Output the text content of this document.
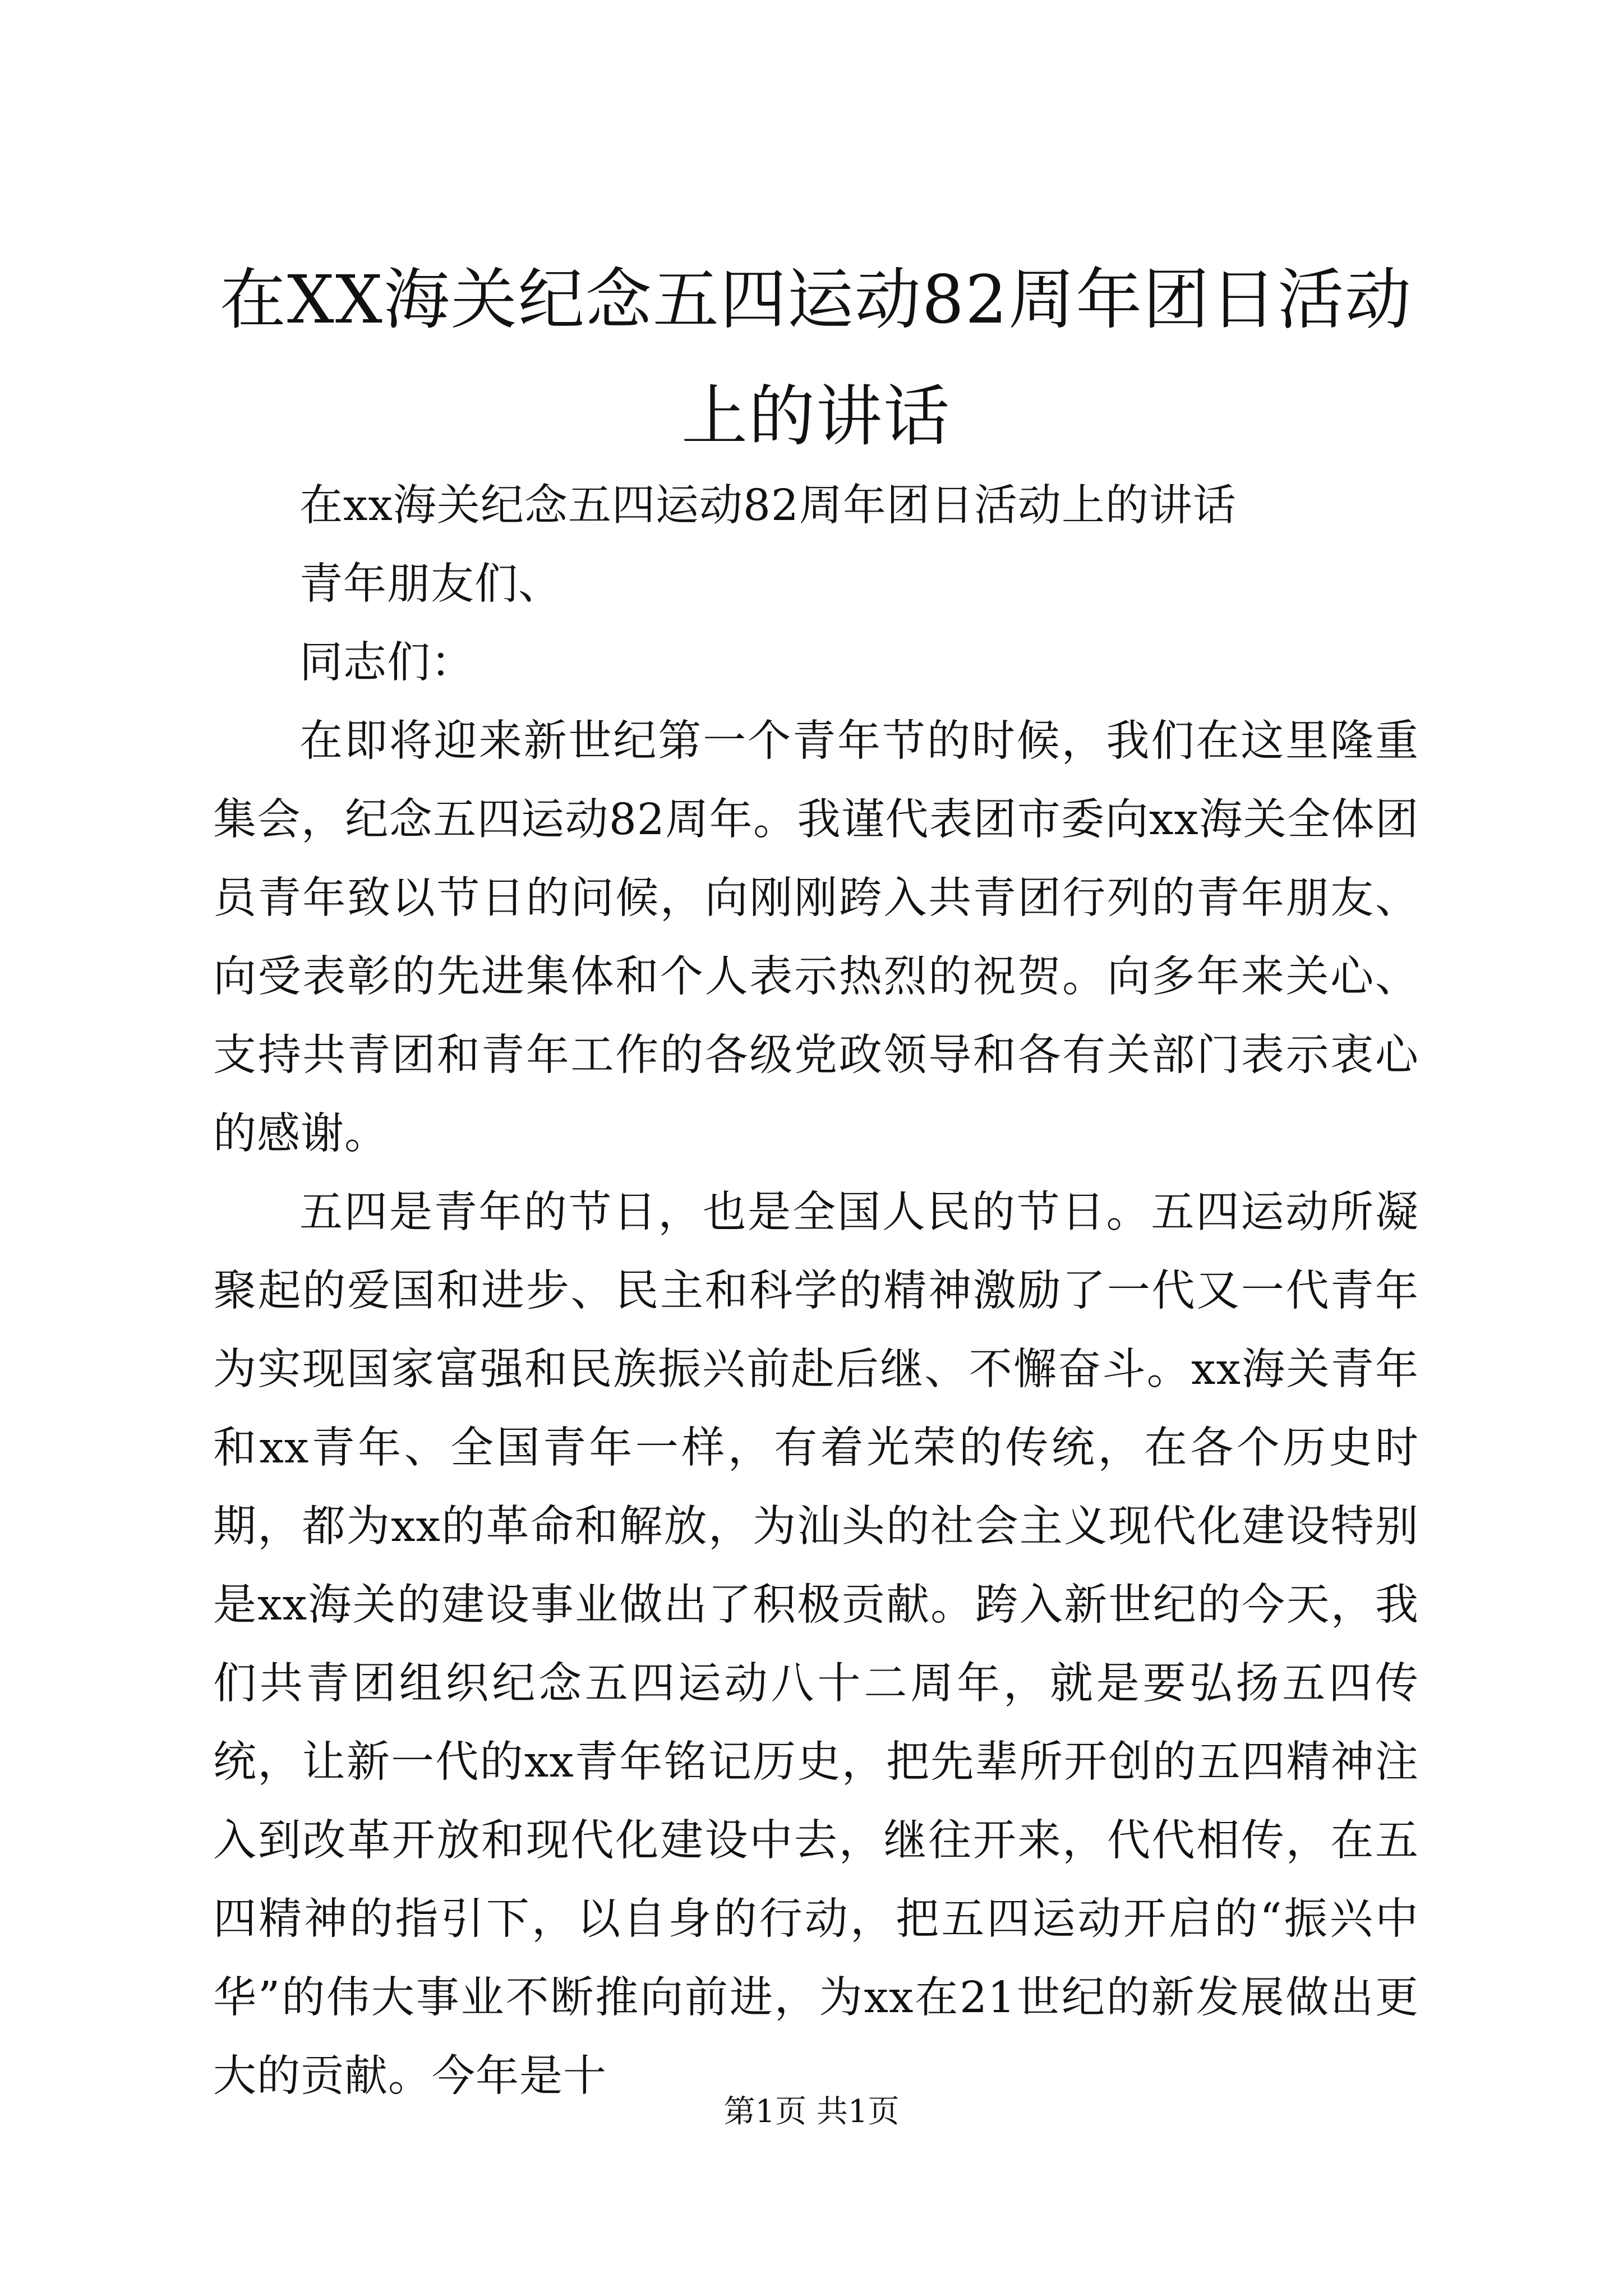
在XX海关纪念五四运动82周年团日活动上的讲话

在xx海关纪念五四运动82周年团日活动上的讲话

青年朋友们、

同志们：

在即将迎来新世纪第一个青年节的时候，我们在这里隆重集会，纪念五四运动82周年。我谨代表团市委向xx海关全体团员青年致以节日的问候，向刚刚跨入共青团行列的青年朋友、向受表彰的先进集体和个人表示热烈的祝贺。向多年来关心、支持共青团和青年工作的各级党政领导和各有关部门表示衷心的感谢。

五四是青年的节日，也是全国人民的节日。五四运动所凝聚起的爱国和进步、民主和科学的精神激励了一代又一代青年为实现国家富强和民族振兴前赴后继、不懈奋斗。xx海关青年和xx青年、全国青年一样，有着光荣的传统，在各个历史时期，都为xx的革命和解放，为汕头的社会主义现代化建设特别是xx海关的建设事业做出了积极贡献。跨入新世纪的今天，我们共青团组织纪念五四运动八十二周年，就是要弘扬五四传统，让新一代的xx青年铭记历史，把先辈所开创的五四精神注入到改革开放和现代化建设中去，继往开来，代代相传，在五四精神的指引下，以自身的行动，把五四运动开启的“振兴中华”的伟大事业不断推向前进，为xx在21世纪的新发展做出更大的贡献。今年是十

第1页 共1页
